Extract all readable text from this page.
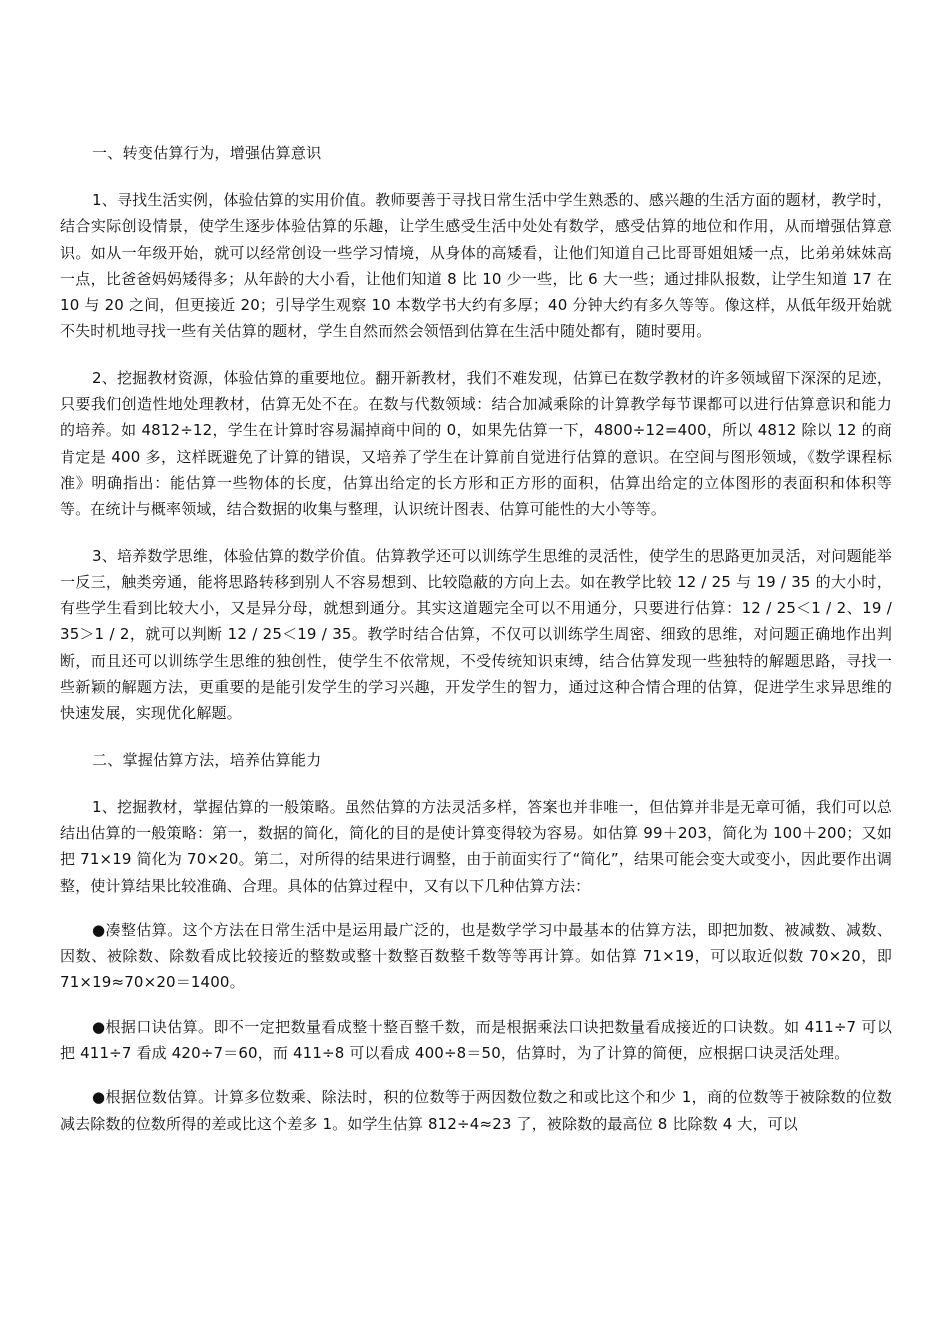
一、转变估算行为，增强估算意识

1、寻找生活实例，体验估算的实用价值。教师要善于寻找日常生活中学生熟悉的、感兴趣的生活方面的题材，教学时，结合实际创设情景，使学生逐步体验估算的乐趣，让学生感受生活中处处有数学，感受估算的地位和作用，从而增强估算意识。如从一年级开始，就可以经常创设一些学习情境，从身体的高矮看，让他们知道自己比哥哥姐姐矮一点，比弟弟妹妹高一点，比爸爸妈妈矮得多；从年龄的大小看，让他们知道 8 比 10 少一些，比 6 大一些；通过排队报数，让学生知道 17 在 10 与 20 之间，但更接近 20；引导学生观察 10 本数学书大约有多厚；40 分钟大约有多久等等。像这样，从低年级开始就不失时机地寻找一些有关估算的题材，学生自然而然会领悟到估算在生活中随处都有，随时要用。

2、挖掘教材资源，体验估算的重要地位。翻开新教材，我们不难发现，估算已在数学教材的许多领域留下深深的足迹，只要我们创造性地处理教材，估算无处不在。在数与代数领域：结合加减乘除的计算教学每节课都可以进行估算意识和能力的培养。如 4812÷12，学生在计算时容易漏掉商中间的 0，如果先估算一下，4800÷12=400，所以 4812 除以 12 的商肯定是 400 多，这样既避免了计算的错误，又培养了学生在计算前自觉进行估算的意识。在空间与图形领域，《数学课程标准》明确指出：能估算一些物体的长度，估算出给定的长方形和正方形的面积，估算出给定的立体图形的表面积和体积等等。在统计与概率领域，结合数据的收集与整理，认识统计图表、估算可能性的大小等等。

3、培养数学思维，体验估算的数学价值。估算教学还可以训练学生思维的灵活性，使学生的思路更加灵活，对问题能举一反三，触类旁通，能将思路转移到别人不容易想到、比较隐蔽的方向上去。如在教学比较 12 / 25 与 19 / 35 的大小时，有些学生看到比较大小，又是异分母，就想到通分。其实这道题完全可以不用通分，只要进行估算：12 / 25＜1 / 2、19 / 35＞1 / 2，就可以判断 12 / 25＜19 / 35。教学时结合估算，不仅可以训练学生周密、细致的思维，对问题正确地作出判断，而且还可以训练学生思维的独创性，使学生不依常规，不受传统知识束缚，结合估算发现一些独特的解题思路，寻找一些新颖的解题方法，更重要的是能引发学生的学习兴趣，开发学生的智力，通过这种合情合理的估算，促进学生求异思维的快速发展，实现优化解题。

二、掌握估算方法，培养估算能力

1、挖掘教材，掌握估算的一般策略。虽然估算的方法灵活多样，答案也并非唯一，但估算并非是无章可循，我们可以总结出估算的一般策略：第一，数据的简化，简化的目的是使计算变得较为容易。如估算 99＋203，简化为 100＋200；又如把 71×19 简化为 70×20。第二，对所得的结果进行调整，由于前面实行了“简化”，结果可能会变大或变小，因此要作出调整，使计算结果比较准确、合理。具体的估算过程中，又有以下几种估算方法：

●凑整估算。这个方法在日常生活中是运用最广泛的，也是数学学习中最基本的估算方法，即把加数、被减数、减数、因数、被除数、除数看成比较接近的整数或整十数整百数整千数等等再计算。如估算 71×19，可以取近似数 70×20，即 71×19≈70×20＝1400。

●根据口诀估算。即不一定把数量看成整十整百整千数，而是根据乘法口诀把数量看成接近的口诀数。如 411÷7 可以把 411÷7 看成 420÷7＝60，而 411÷8 可以看成 400÷8＝50，估算时，为了计算的简便，应根据口诀灵活处理。

●根据位数估算。计算多位数乘、除法时，积的位数等于两因数位数之和或比这个和少 1，商的位数等于被除数的位数减去除数的位数所得的差或比这个差多 1。如学生估算 812÷4≈23 了，被除数的最高位 8 比除数 4 大，可以
